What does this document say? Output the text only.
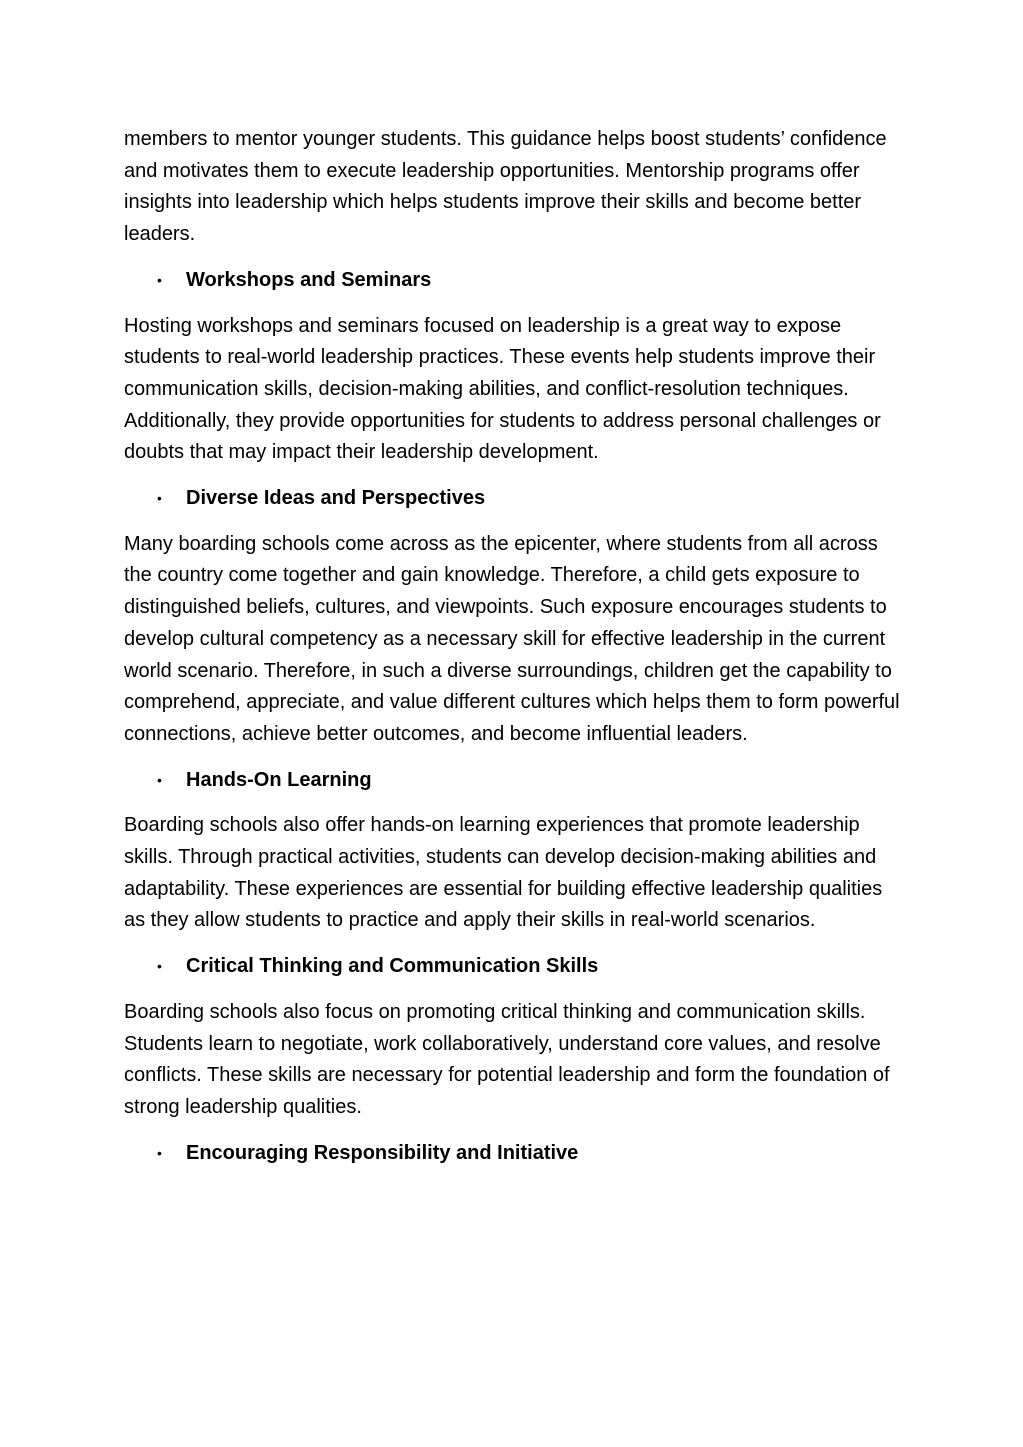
members to mentor younger students. This guidance helps boost students’ confidence and motivates them to execute leadership opportunities. Mentorship programs offer insights into leadership which helps students improve their skills and become better leaders.

• Workshops and Seminars

Hosting workshops and seminars focused on leadership is a great way to expose students to real-world leadership practices. These events help students improve their communication skills, decision-making abilities, and conflict-resolution techniques. Additionally, they provide opportunities for students to address personal challenges or doubts that may impact their leadership development.

• Diverse Ideas and Perspectives

Many boarding schools come across as the epicenter, where students from all across the country come together and gain knowledge. Therefore, a child gets exposure to distinguished beliefs, cultures, and viewpoints. Such exposure encourages students to develop cultural competency as a necessary skill for effective leadership in the current world scenario. Therefore, in such a diverse surroundings, children get the capability to comprehend, appreciate, and value different cultures which helps them to form powerful connections, achieve better outcomes, and become influential leaders.

• Hands-On Learning

Boarding schools also offer hands-on learning experiences that promote leadership skills. Through practical activities, students can develop decision-making abilities and adaptability. These experiences are essential for building effective leadership qualities as they allow students to practice and apply their skills in real-world scenarios.

• Critical Thinking and Communication Skills

Boarding schools also focus on promoting critical thinking and communication skills. Students learn to negotiate, work collaboratively, understand core values, and resolve conflicts. These skills are necessary for potential leadership and form the foundation of strong leadership qualities.

• Encouraging Responsibility and Initiative
